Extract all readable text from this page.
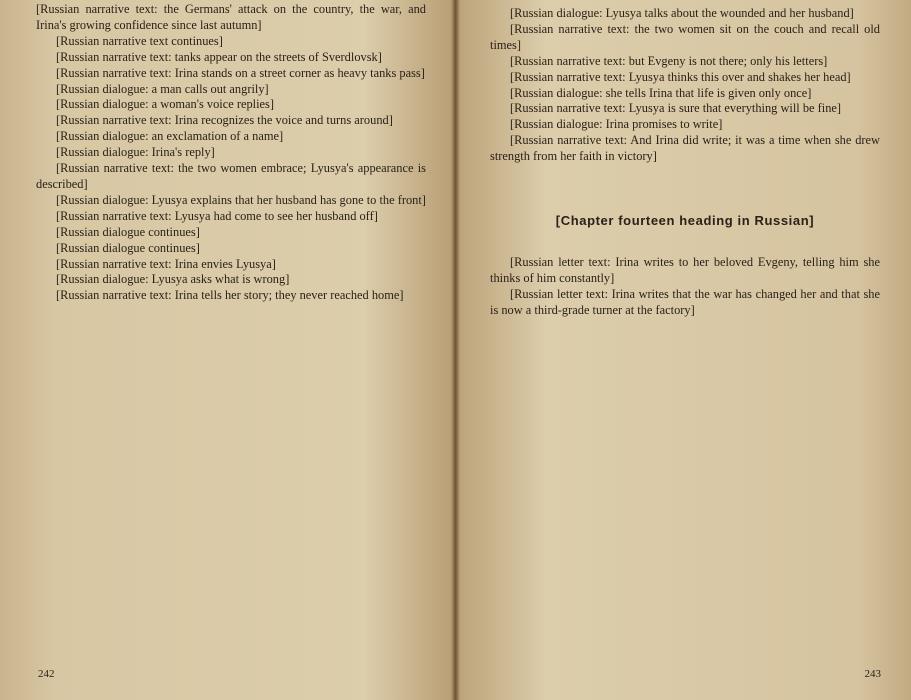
[Russian narrative text: the Germans' attack on the country, the war, and Irina's growing confidence since last autumn]

[Russian narrative text continues]

[Russian narrative text: tanks appear on the streets of Sverdlovsk]

[Russian narrative text: Irina stands on a street corner as heavy tanks pass]

[Russian dialogue: a man calls out angrily]

[Russian dialogue: a woman's voice replies]

[Russian narrative text: Irina recognizes the voice and turns around]

[Russian dialogue: an exclamation of a name]

[Russian dialogue: Irina's reply]

[Russian narrative text: the two women embrace; Lyusya's appearance is described]

[Russian dialogue: Lyusya explains that her husband has gone to the front]

[Russian narrative text: Lyusya had come to see her husband off]

[Russian dialogue continues]

[Russian dialogue continues]

[Russian narrative text: Irina envies Lyusya]

[Russian dialogue: Lyusya asks what is wrong]

[Russian narrative text: Irina tells her story; they never reached home]

242

[Russian dialogue: Lyusya talks about the wounded and her husband]

[Russian narrative text: the two women sit on the couch and recall old times]

[Russian narrative text: but Evgeny is not there; only his letters]

[Russian narrative text: Lyusya thinks this over and shakes her head]

[Russian dialogue: she tells Irina that life is given only once]

[Russian narrative text: Lyusya is sure that everything will be fine]

[Russian dialogue: Irina promises to write]

[Russian narrative text: And Irina did write; it was a time when she drew strength from her faith in victory]

[Chapter fourteen heading in Russian]

[Russian letter text: Irina writes to her beloved Evgeny, telling him she thinks of him constantly]

[Russian letter text: Irina writes that the war has changed her and that she is now a third-grade turner at the factory]

243
